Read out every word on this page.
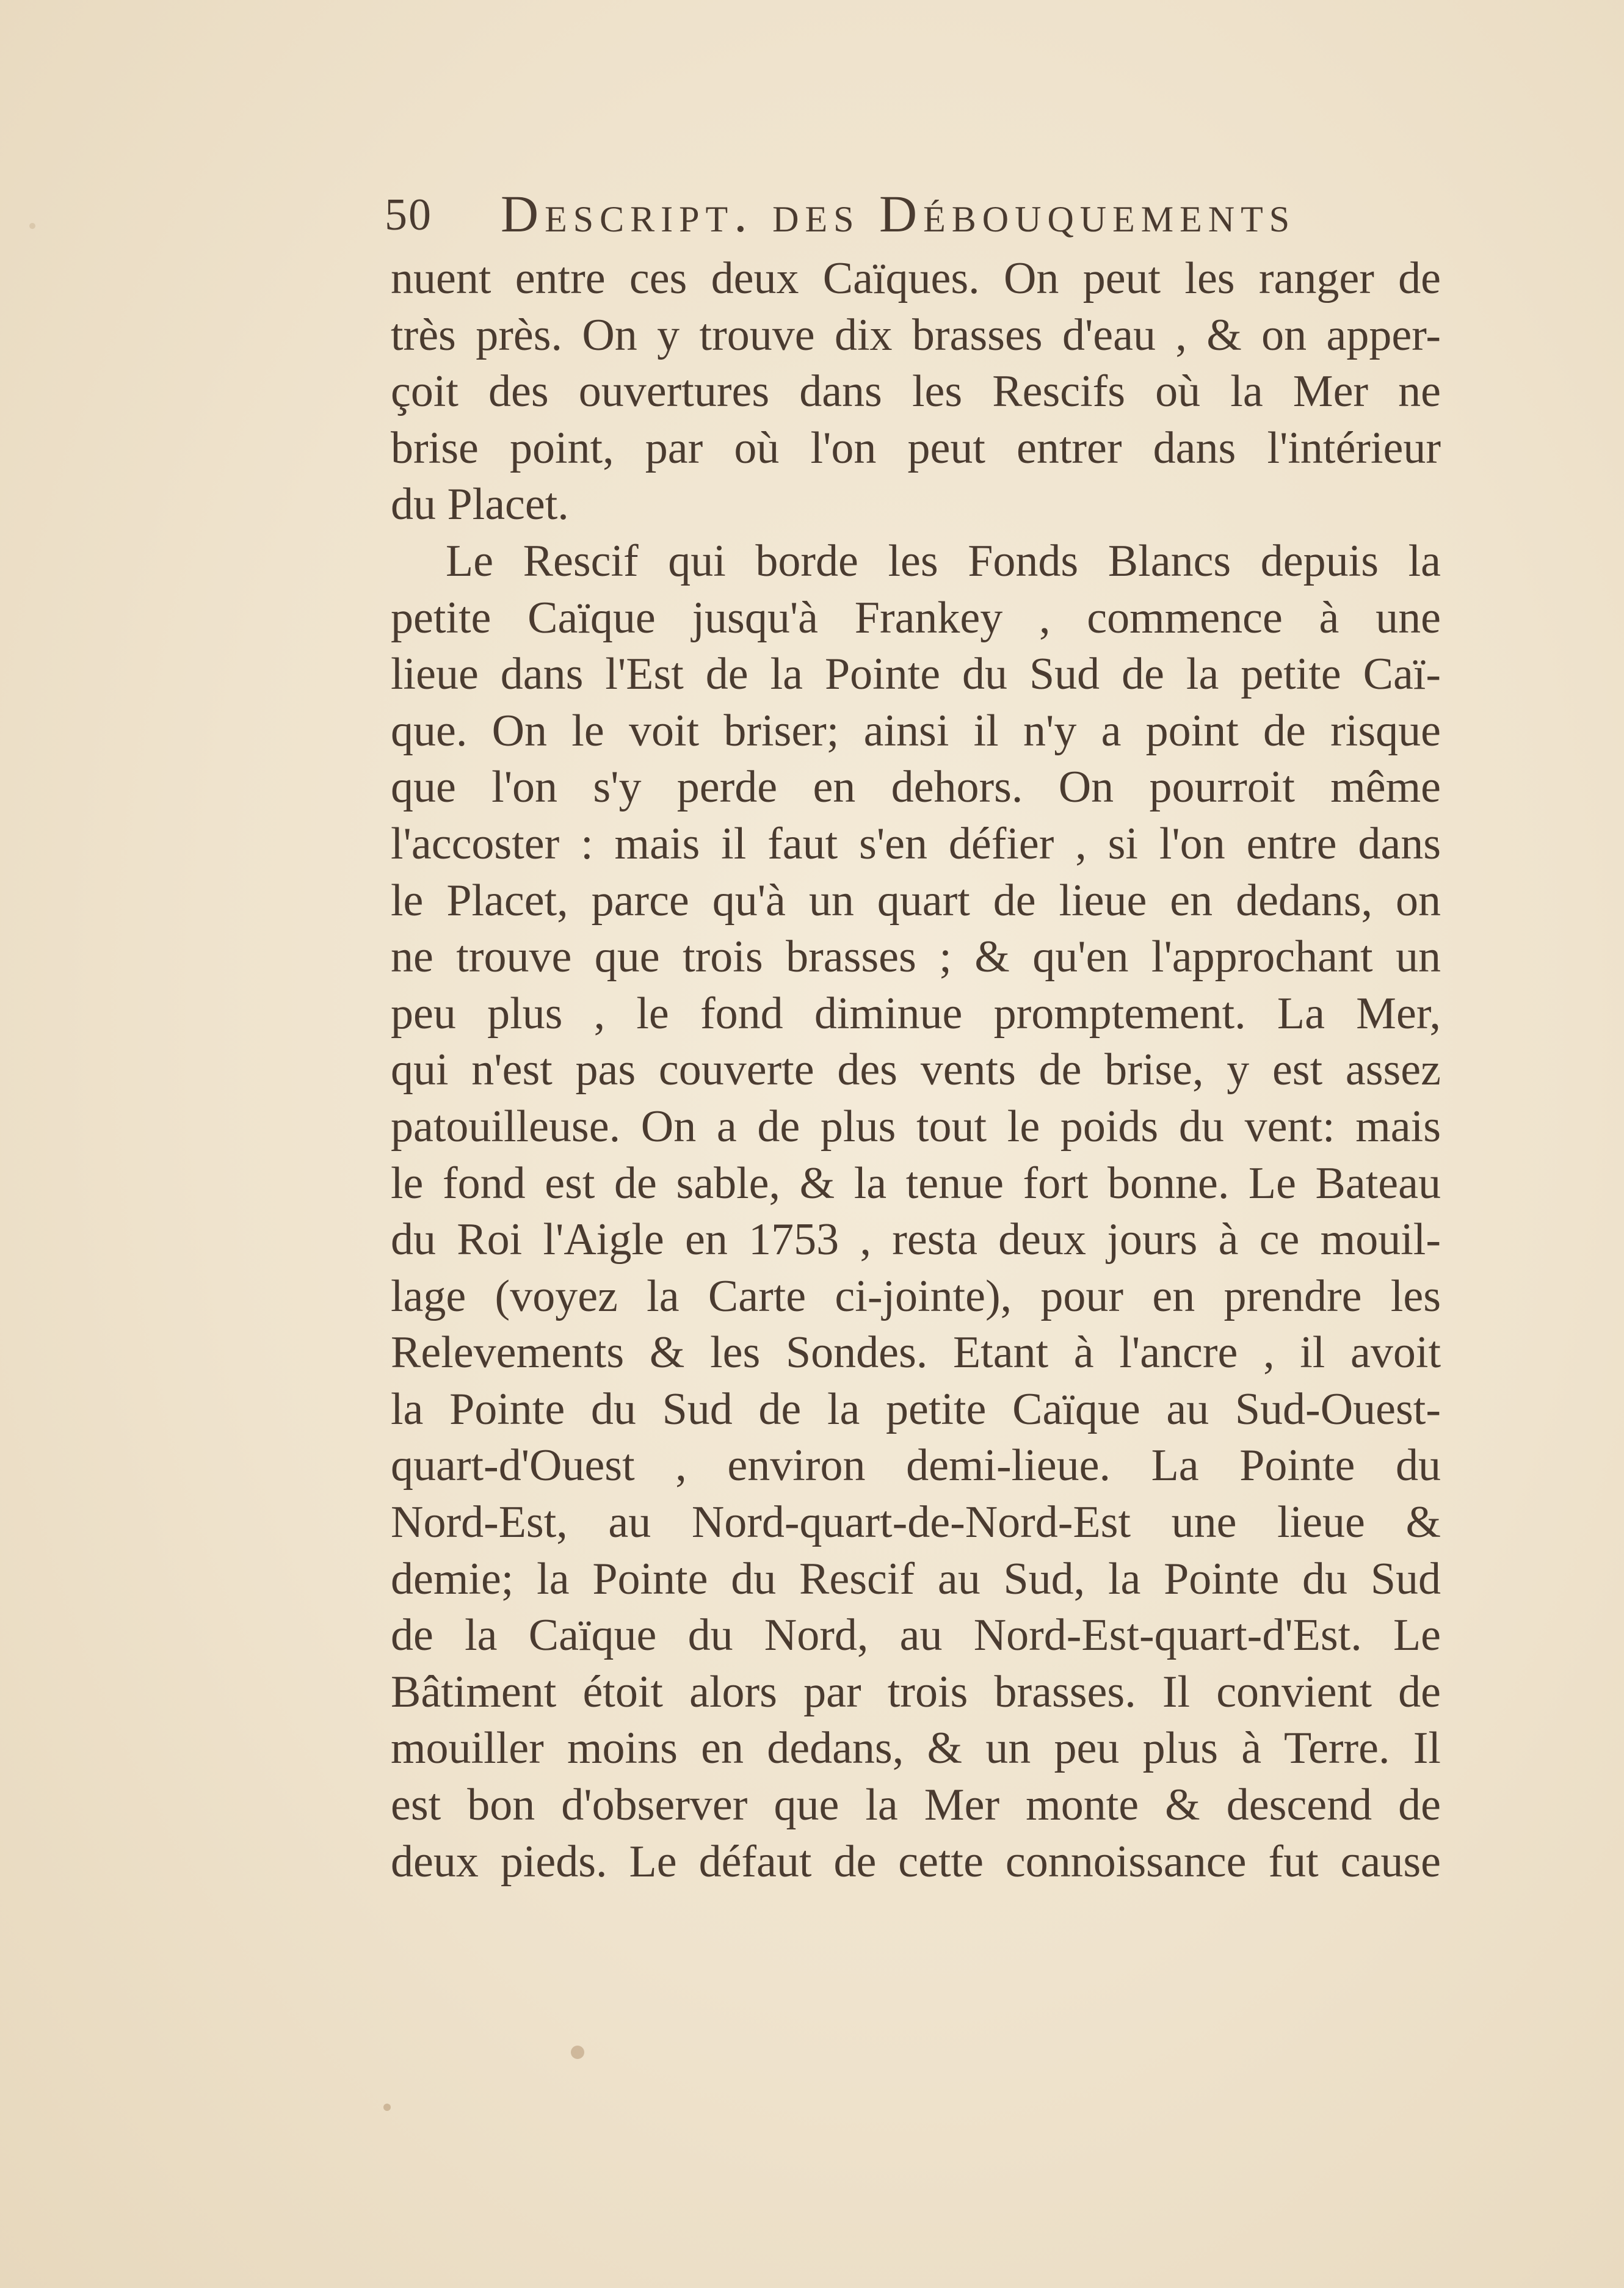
50 Descript. des Débouquements
nuent entre ces deux Caïques. On peut les ranger de
très près. On y trouve dix brasses d'eau , & on apper-
çoit des ouvertures dans les Rescifs où la Mer ne
brise point, par où l'on peut entrer dans l'intérieur
du Placet.
Le Rescif qui borde les Fonds Blancs depuis la
petite Caïque jusqu'à Frankey , commence à une
lieue dans l'Est de la Pointe du Sud de la petite Caï-
que. On le voit briser; ainsi il n'y a point de risque
que l'on s'y perde en dehors. On pourroit même
l'accoster : mais il faut s'en défier , si l'on entre dans
le Placet, parce qu'à un quart de lieue en dedans, on
ne trouve que trois brasses ; & qu'en l'approchant un
peu plus , le fond diminue promptement. La Mer,
qui n'est pas couverte des vents de brise, y est assez
patouilleuse. On a de plus tout le poids du vent: mais
le fond est de sable, & la tenue fort bonne. Le Bateau
du Roi l'Aigle en 1753 , resta deux jours à ce mouil-
lage (voyez la Carte ci-jointe), pour en prendre les
Relevements & les Sondes. Etant à l'ancre , il avoit
la Pointe du Sud de la petite Caïque au Sud-Ouest-
quart-d'Ouest , environ demi-lieue. La Pointe du
Nord-Est, au Nord-quart-de-Nord-Est une lieue &
demie; la Pointe du Rescif au Sud, la Pointe du Sud
de la Caïque du Nord, au Nord-Est-quart-d'Est. Le
Bâtiment étoit alors par trois brasses. Il convient de
mouiller moins en dedans, & un peu plus à Terre. Il
est bon d'observer que la Mer monte & descend de
deux pieds. Le défaut de cette connoissance fut cause
